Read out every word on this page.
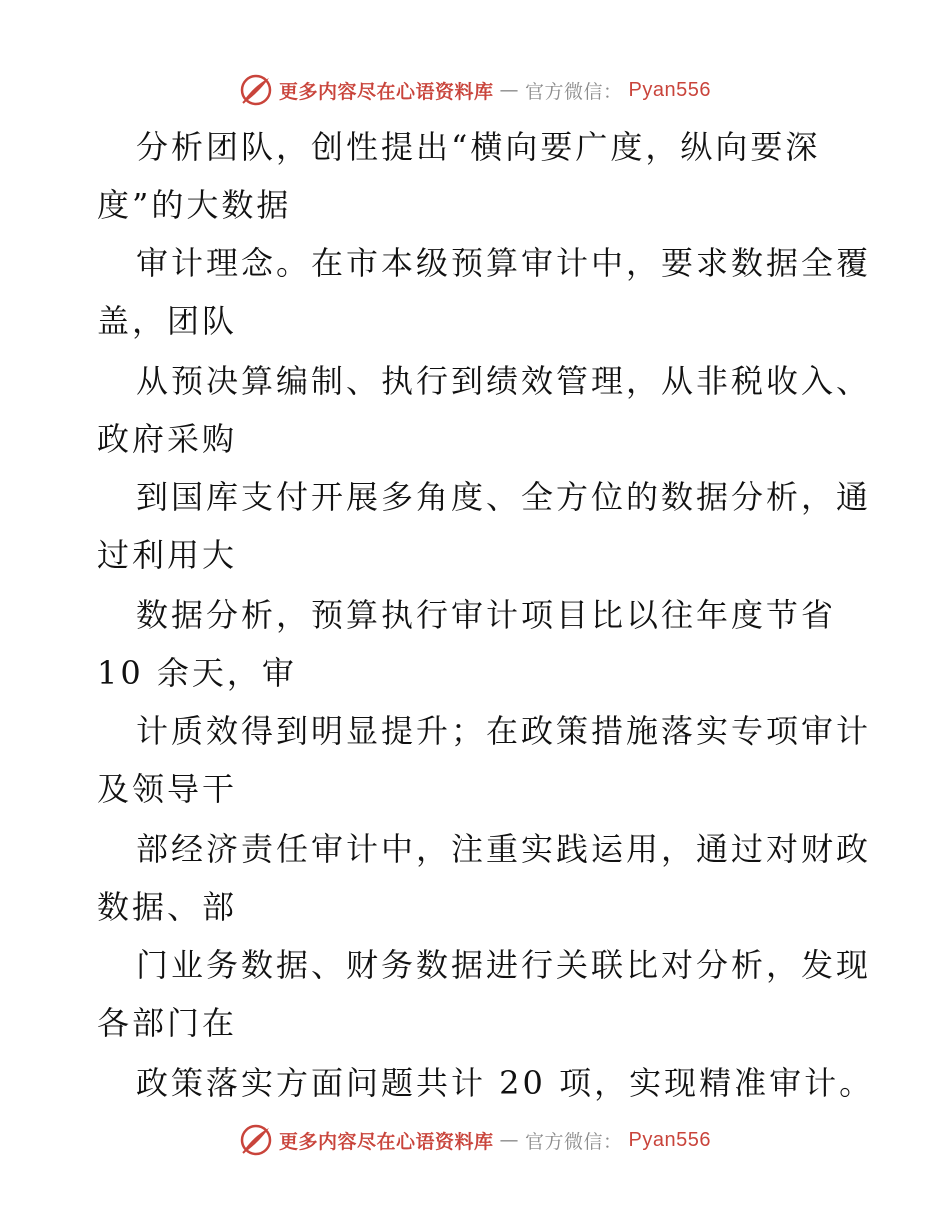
更多内容尽在心语资料库 — 官方微信： Pyan556
分析团队，创性提出“横向要广度，纵向要深
度”的大数据
审计理念。在市本级预算审计中，要求数据全覆
盖，团队
从预决算编制、执行到绩效管理，从非税收入、
政府采购
到国库支付开展多角度、全方位的数据分析，通
过利用大
数据分析，预算执行审计项目比以往年度节省
10 余天，审
计质效得到明显提升；在政策措施落实专项审计
及领导干
部经济责任审计中，注重实践运用，通过对财政
数据、部
门业务数据、财务数据进行关联比对分析，发现
各部门在
政策落实方面问题共计 20 项，实现精准审计。
更多内容尽在心语资料库 — 官方微信： Pyan556
